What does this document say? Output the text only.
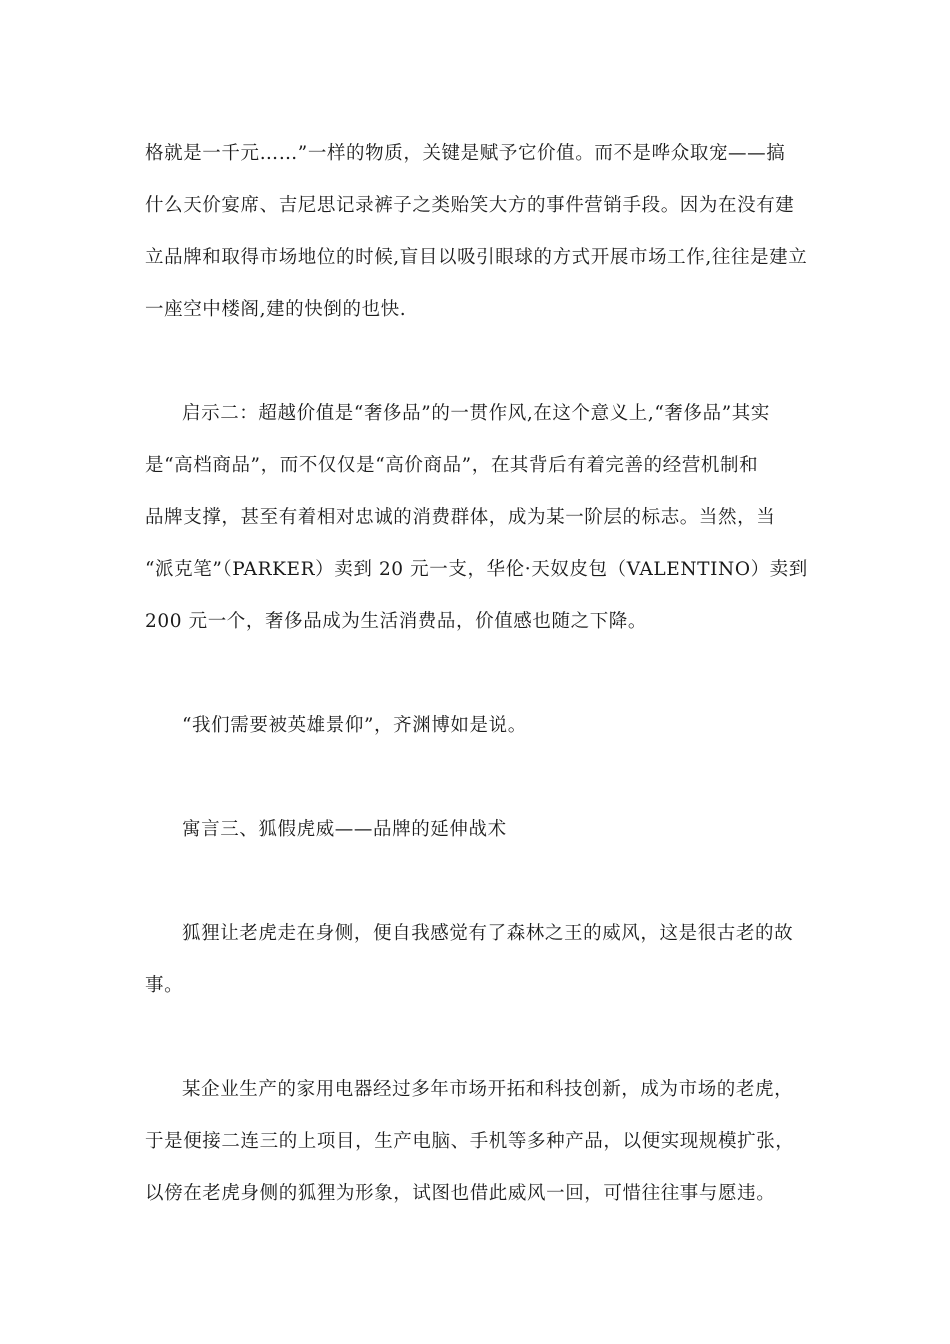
格就是一千元……”一样的物质，关键是赋予它价值。而不是哗众取宠——搞
什么天价宴席、吉尼思记录裤子之类贻笑大方的事件营销手段。因为在没有建
立品牌和取得市场地位的时候,盲目以吸引眼球的方式开展市场工作,往往是建立
一座空中楼阁,建的快倒的也快.
启示二：超越价值是“奢侈品”的一贯作风,在这个意义上,“奢侈品”其实
是“高档商品”，而不仅仅是“高价商品”，在其背后有着完善的经营机制和
品牌支撑，甚至有着相对忠诚的消费群体，成为某一阶层的标志。当然，当
“派克笔”（PARKER）卖到 20 元一支，华伦·天奴皮包（VALENTINO）卖到
200 元一个，奢侈品成为生活消费品，价值感也随之下降。
“我们需要被英雄景仰”，齐渊博如是说。
寓言三、狐假虎威——品牌的延伸战术
狐狸让老虎走在身侧，便自我感觉有了森林之王的威风，这是很古老的故
事。
某企业生产的家用电器经过多年市场开拓和科技创新，成为市场的老虎，
于是便接二连三的上项目，生产电脑、手机等多种产品，以便实现规模扩张，
以傍在老虎身侧的狐狸为形象，试图也借此威风一回，可惜往往事与愿违。
